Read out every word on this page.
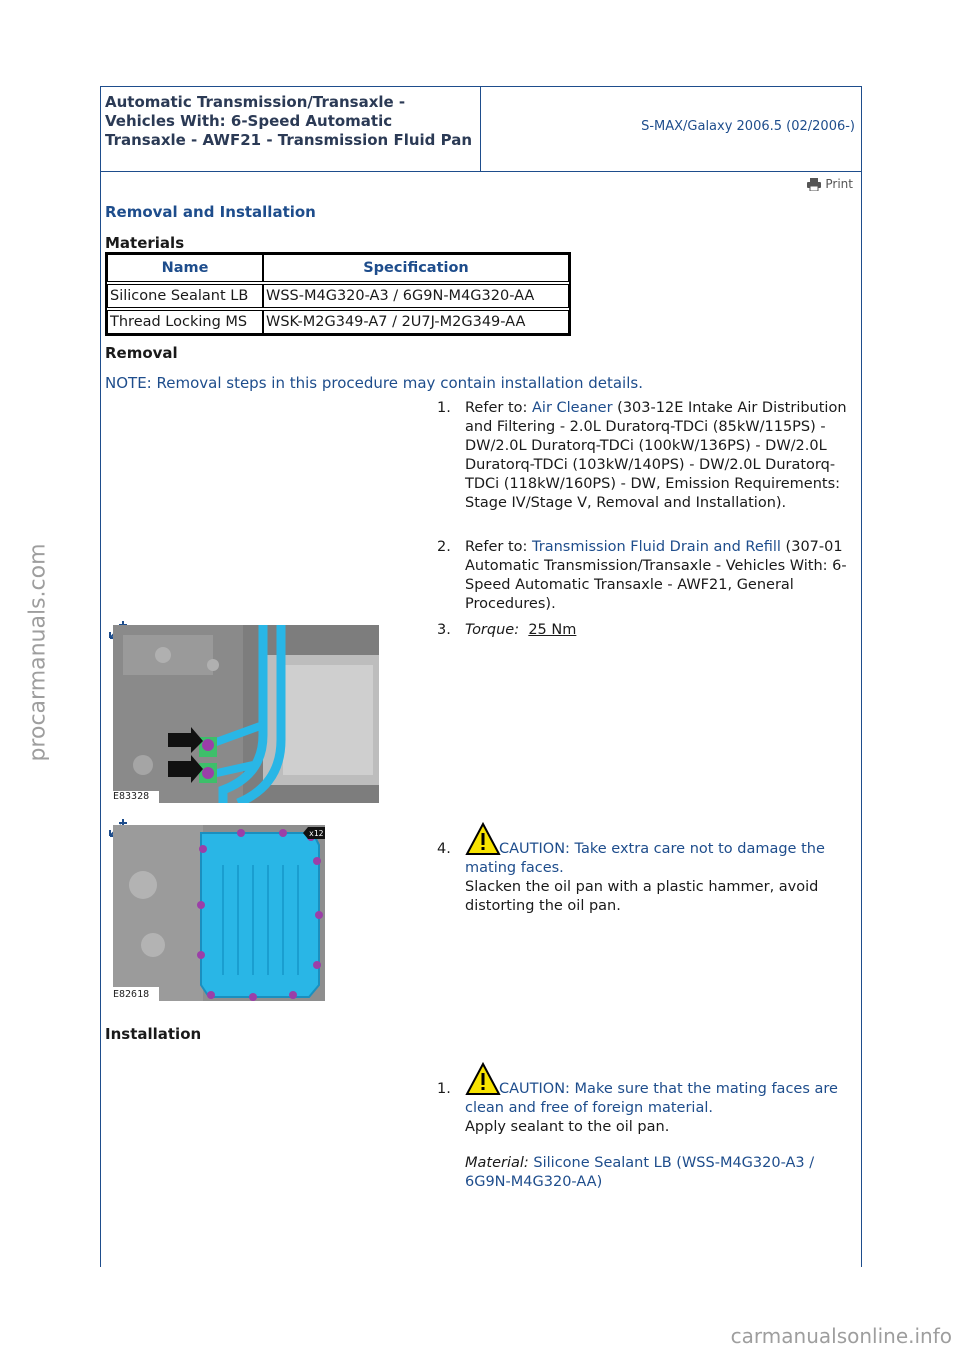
Automatic Transmission/Transaxle - Vehicles With: 6-Speed Automatic Transaxle - AWF21 - Transmission Fluid Pan
S-MAX/Galaxy 2006.5 (02/2006-)
Print
Removal and Installation
Materials
Name	Specification

Silicone Sealant LB	WSS-M4G320-A3 / 6G9N-M4G320-AA

Thread Locking MS	WSK-M2G349-A7 / 2U7J-M2G349-AA
Removal
NOTE: Removal steps in this procedure may contain installation details.
1. Refer to: Air Cleaner (303-12E Intake Air Distribution and Filtering - 2.0L Duratorq-TDCi (85kW/115PS) - DW/2.0L Duratorq-TDCi (100kW/136PS) - DW/2.0L Duratorq-TDCi (103kW/140PS) - DW/2.0L Duratorq-TDCi (118kW/160PS) - DW, Emission Requirements: Stage IV/Stage V, Removal and Installation).
2. Refer to: Transmission Fluid Drain and Refill (307-01 Automatic Transmission/Transaxle - Vehicles With: 6-Speed Automatic Transaxle - AWF21, General Procedures).
E83328
3. Torque: 25 Nm
E82618
x12
4.	CAUTION: Take extra care not to damage the mating faces.
Slacken the oil pan with a plastic hammer, avoid distorting the oil pan.
Installation
1.	CAUTION: Make sure that the mating faces are clean and free of foreign material.
Apply sealant to the oil pan.
Material: Silicone Sealant LB (WSS-M4G320-A3 / 6G9N-M4G320-AA)
procarmanuals.com
carmanualsonline.info
